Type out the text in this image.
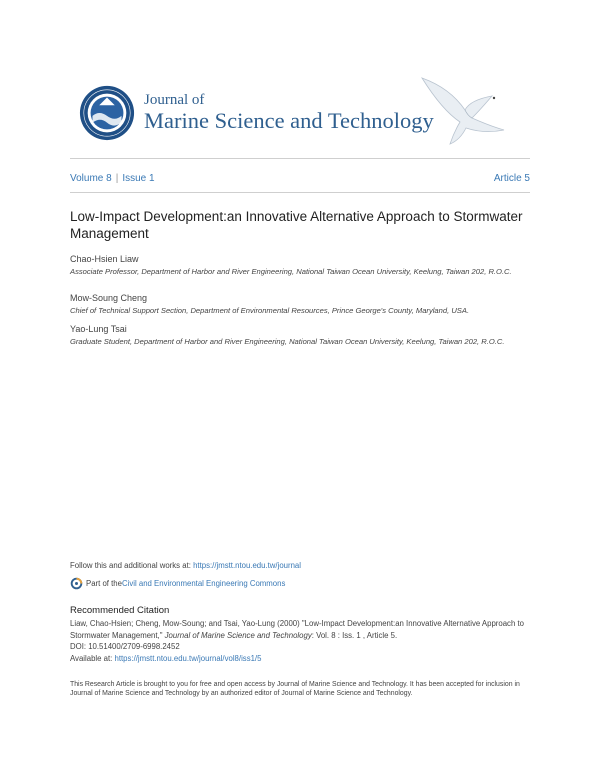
Journal of
Marine Science and Technology
Volume 8 | Issue 1	Article 5
Low-Impact Development:an Innovative Alternative Approach to Stormwater Management
Chao-Hsien Liaw
Associate Professor, Department of Harbor and River Engineering, National Taiwan Ocean University, Keelung, Taiwan 202, R.O.C.
Mow-Soung Cheng
Chief of Technical Support Section, Department of Environmental Resources, Prince George's County, Maryland, USA.
Yao-Lung Tsai
Graduate Student, Department of Harbor and River Engineering, National Taiwan Ocean University, Keelung, Taiwan 202, R.O.C.
Follow this and additional works at: https://jmstt.ntou.edu.tw/journal
Part of the Civil and Environmental Engineering Commons
Recommended Citation
Liaw, Chao-Hsien; Cheng, Mow-Soung; and Tsai, Yao-Lung (2000) "Low-Impact Development:an Innovative Alternative Approach to Stormwater Management," Journal of Marine Science and Technology: Vol. 8 : Iss. 1 , Article 5.
DOI: 10.51400/2709-6998.2452
Available at: https://jmstt.ntou.edu.tw/journal/vol8/iss1/5
This Research Article is brought to you for free and open access by Journal of Marine Science and Technology. It has been accepted for inclusion in Journal of Marine Science and Technology by an authorized editor of Journal of Marine Science and Technology.
